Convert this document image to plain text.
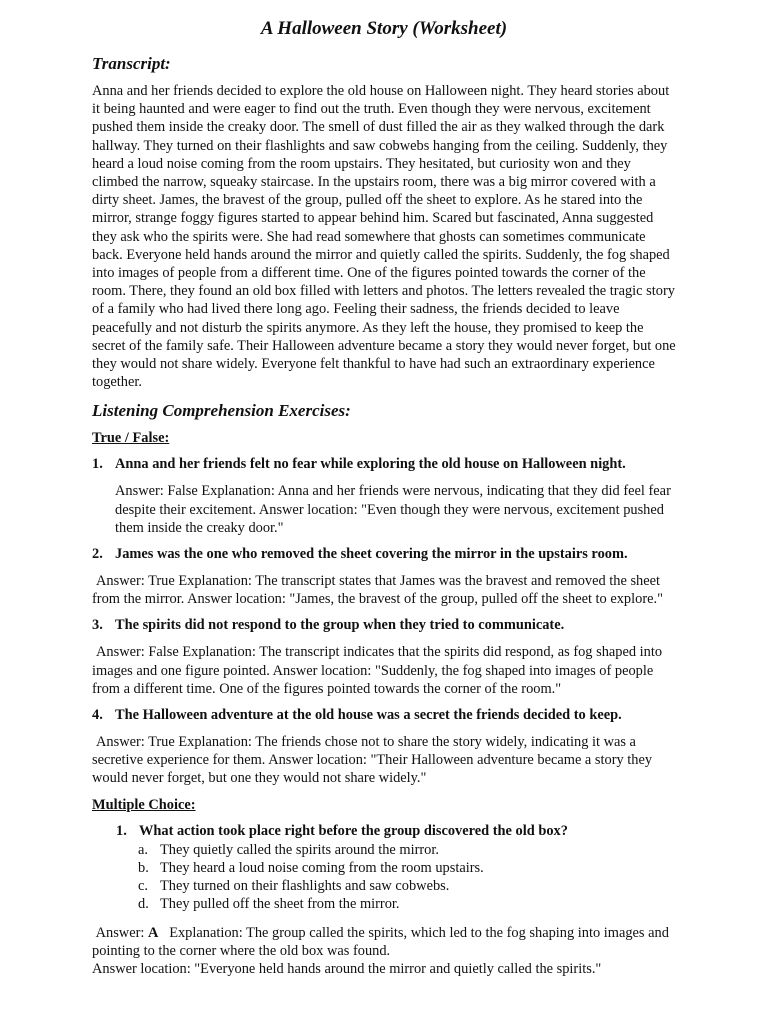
A Halloween Story (Worksheet)
Transcript:

Anna and her friends decided to explore the old house on Halloween night. They heard stories about it being haunted and were eager to find out the truth. Even though they were nervous, excitement pushed them inside the creaky door. The smell of dust filled the air as they walked through the dark hallway. They turned on their flashlights and saw cobwebs hanging from the ceiling. Suddenly, they heard a loud noise coming from the room upstairs. They hesitated, but curiosity won and they climbed the narrow, squeaky staircase. In the upstairs room, there was a big mirror covered with a dirty sheet. James, the bravest of the group, pulled off the sheet to explore. As he stared into the mirror, strange foggy figures started to appear behind him. Scared but fascinated, Anna suggested they ask who the spirits were. She had read somewhere that ghosts can sometimes communicate back. Everyone held hands around the mirror and quietly called the spirits. Suddenly, the fog shaped into images of people from a different time. One of the figures pointed towards the corner of the room. There, they found an old box filled with letters and photos. The letters revealed the tragic story of a family who had lived there long ago. Feeling their sadness, the friends decided to leave peacefully and not disturb the spirits anymore. As they left the house, they promised to keep the secret of the family safe. Their Halloween adventure became a story they would never forget, but one they would not share widely. Everyone felt thankful to have had such an extraordinary experience together.

Listening Comprehension Exercises:
True / False:
1. Anna and her friends felt no fear while exploring the old house on Halloween night.

Answer: False Explanation: Anna and her friends were nervous, indicating that they did feel fear despite their excitement. Answer location: "Even though they were nervous, excitement pushed them inside the creaky door."

2. James was the one who removed the sheet covering the mirror in the upstairs room.

Answer: True Explanation: The transcript states that James was the bravest and removed the sheet from the mirror. Answer location: "James, the bravest of the group, pulled off the sheet to explore."

3. The spirits did not respond to the group when they tried to communicate.

Answer: False Explanation: The transcript indicates that the spirits did respond, as fog shaped into images and one figure pointed. Answer location: "Suddenly, the fog shaped into images of people from a different time. One of the figures pointed towards the corner of the room."

4. The Halloween adventure at the old house was a secret the friends decided to keep.

Answer: True Explanation: The friends chose not to share the story widely, indicating it was a secretive experience for them. Answer location: "Their Halloween adventure became a story they would never forget, but one they would not share widely."

Multiple Choice:
1. What action took place right before the group discovered the old box?
a. They quietly called the spirits around the mirror.
b. They heard a loud noise coming from the room upstairs.
c. They turned on their flashlights and saw cobwebs.
d. They pulled off the sheet from the mirror.

Answer: A Explanation: The group called the spirits, which led to the fog shaping into images and pointing to the corner where the old box was found.
Answer location: "Everyone held hands around the mirror and quietly called the spirits."
